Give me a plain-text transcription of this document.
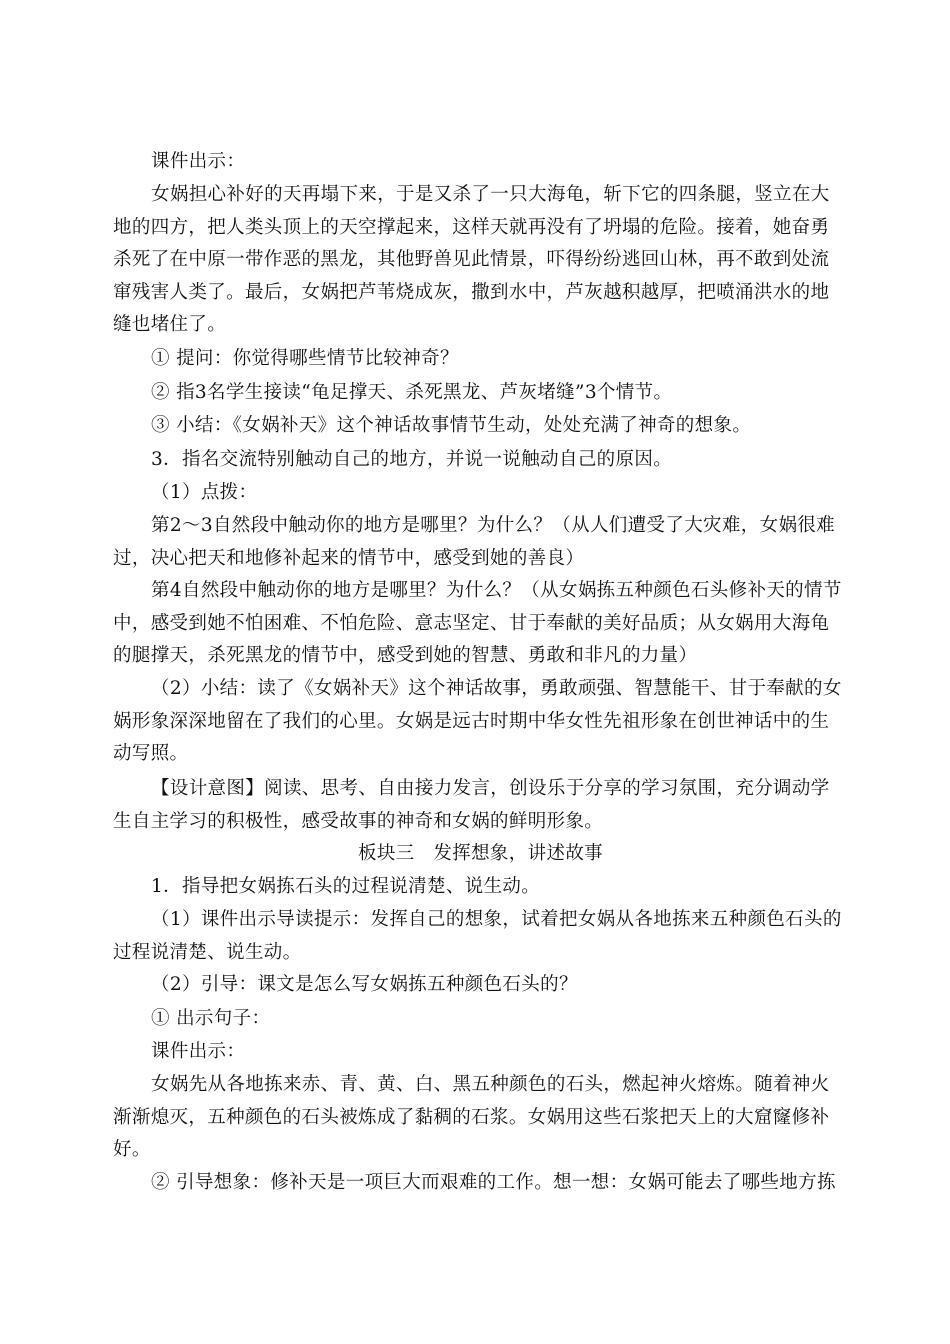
课件出示：

女娲担心补好的天再塌下来，于是又杀了一只大海龟，斩下它的四条腿，竖立在大地的四方，把人类头顶上的天空撑起来，这样天就再没有了坍塌的危险。接着，她奋勇杀死了在中原一带作恶的黑龙，其他野兽见此情景，吓得纷纷逃回山林，再不敢到处流窜残害人类了。最后，女娲把芦苇烧成灰，撒到水中，芦灰越积越厚，把喷涌洪水的地缝也堵住了。

① 提问：你觉得哪些情节比较神奇？

② 指3名学生接读“龟足撑天、杀死黑龙、芦灰堵缝”3个情节。

③ 小结：《女娲补天》这个神话故事情节生动，处处充满了神奇的想象。

3．指名交流特别触动自己的地方，并说一说触动自己的原因。

（1）点拨：

第2～3自然段中触动你的地方是哪里？为什么？（从人们遭受了大灾难，女娲很难过，决心把天和地修补起来的情节中，感受到她的善良）

第4自然段中触动你的地方是哪里？为什么？（从女娲拣五种颜色石头修补天的情节中，感受到她不怕困难、不怕危险、意志坚定、甘于奉献的美好品质；从女娲用大海龟的腿撑天，杀死黑龙的情节中，感受到她的智慧、勇敢和非凡的力量）

（2）小结：读了《女娲补天》这个神话故事，勇敢顽强、智慧能干、甘于奉献的女娲形象深深地留在了我们的心里。女娲是远古时期中华女性先祖形象在创世神话中的生动写照。

【设计意图】阅读、思考、自由接力发言，创设乐于分享的学习氛围，充分调动学生自主学习的积极性，感受故事的神奇和女娲的鲜明形象。

板块三　发挥想象，讲述故事

1．指导把女娲拣石头的过程说清楚、说生动。

（1）课件出示导读提示：发挥自己的想象，试着把女娲从各地拣来五种颜色石头的过程说清楚、说生动。

（2）引导：课文是怎么写女娲拣五种颜色石头的？

① 出示句子：

课件出示：

女娲先从各地拣来赤、青、黄、白、黑五种颜色的石头，燃起神火熔炼。随着神火渐渐熄灭，五种颜色的石头被炼成了黏稠的石浆。女娲用这些石浆把天上的大窟窿修补好。

② 引导想象：修补天是一项巨大而艰难的工作。想一想：女娲可能去了哪些地方拣
